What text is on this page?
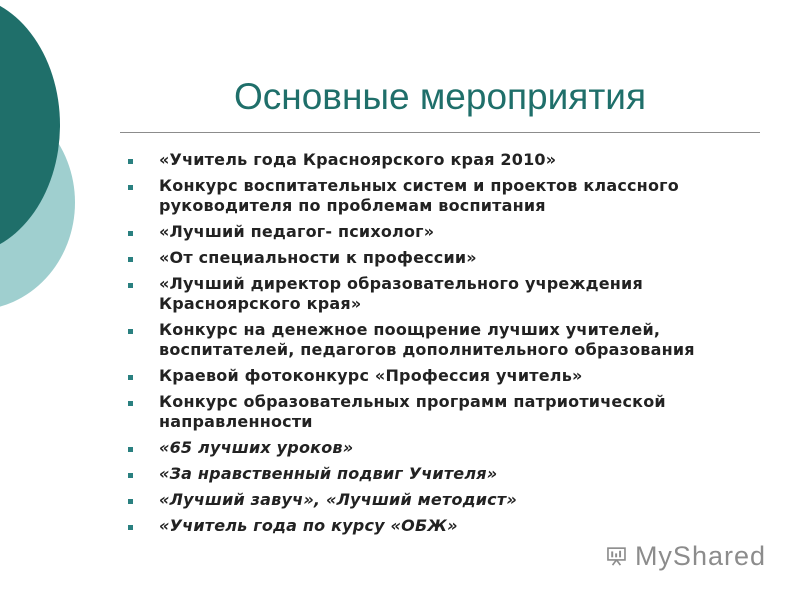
Основные мероприятия
«Учитель года Красноярского края 2010»
Конкурс воспитательных систем и проектов классного руководителя по проблемам воспитания
«Лучший педагог- психолог»
«От специальности к профессии»
«Лучший директор образовательного учреждения Красноярского края»
Конкурс на денежное поощрение лучших учителей, воспитателей, педагогов дополнительного образования
Краевой фотоконкурс «Профессия учитель»
Конкурс образовательных программ патриотической направленности
«65 лучших уроков»
«За нравственный подвиг Учителя»
«Лучший завуч», «Лучший методист»
«Учитель года по курсу «ОБЖ»
MyShared
